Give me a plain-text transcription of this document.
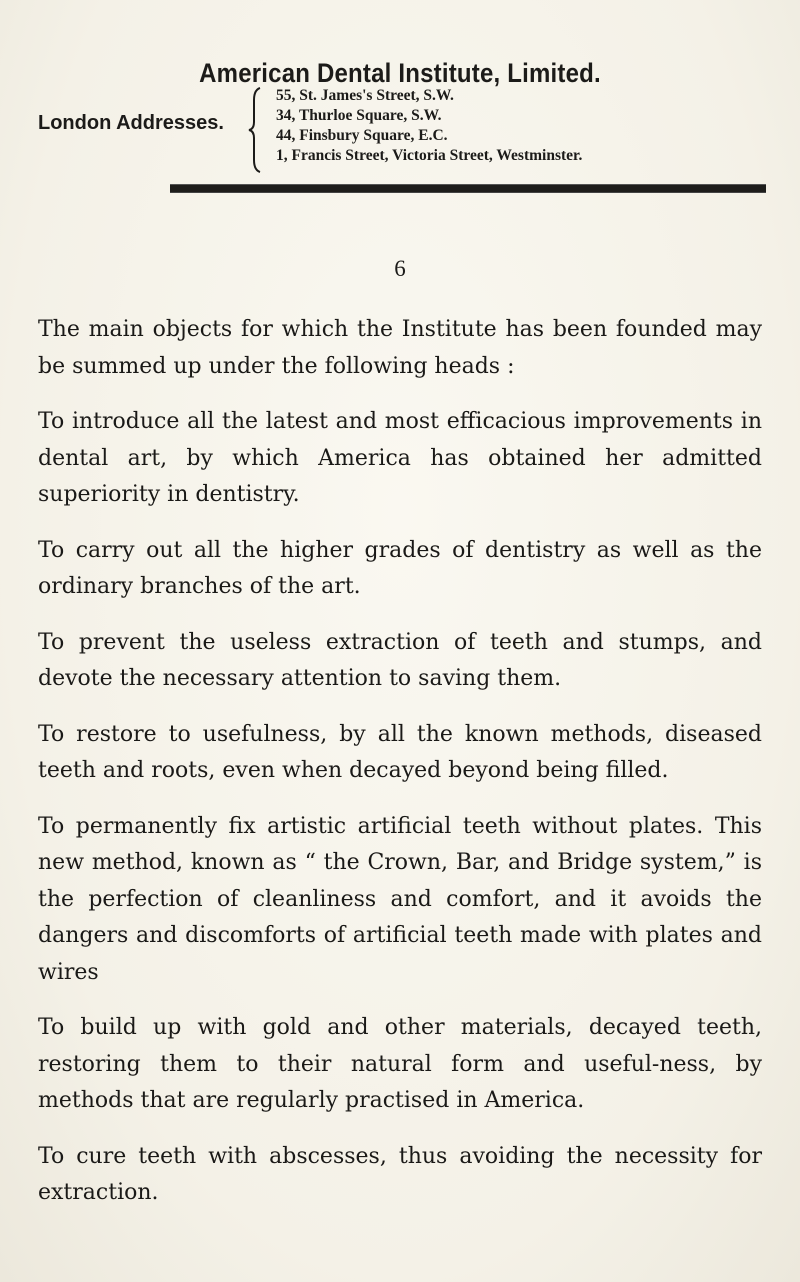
American Dental Institute, Limited.
London Addresses.
55, St. James's Street, S.W.
34, Thurloe Square, S.W.
44, Finsbury Square, E.C.
1, Francis Street, Victoria Street, Westminster.
6

The main objects for which the Institute has been founded may be summed up under the following heads :

To introduce all the latest and most efficacious improvements in dental art, by which America has obtained her admitted superiority in dentistry.

To carry out all the higher grades of dentistry as well as the ordinary branches of the art.

To prevent the useless extraction of teeth and stumps, and devote the necessary attention to saving them.

To restore to usefulness, by all the known methods, diseased teeth and roots, even when decayed beyond being filled.

To permanently fix artistic artificial teeth without plates. This new method, known as “ the Crown, Bar, and Bridge system,” is the perfection of cleanliness and comfort, and it avoids the dangers and discomforts of artificial teeth made with plates and wires

To build up with gold and other materials, decayed teeth, restoring them to their natural form and useful-ness, by methods that are regularly practised in America.

To cure teeth with abscesses, thus avoiding the necessity for extraction.
